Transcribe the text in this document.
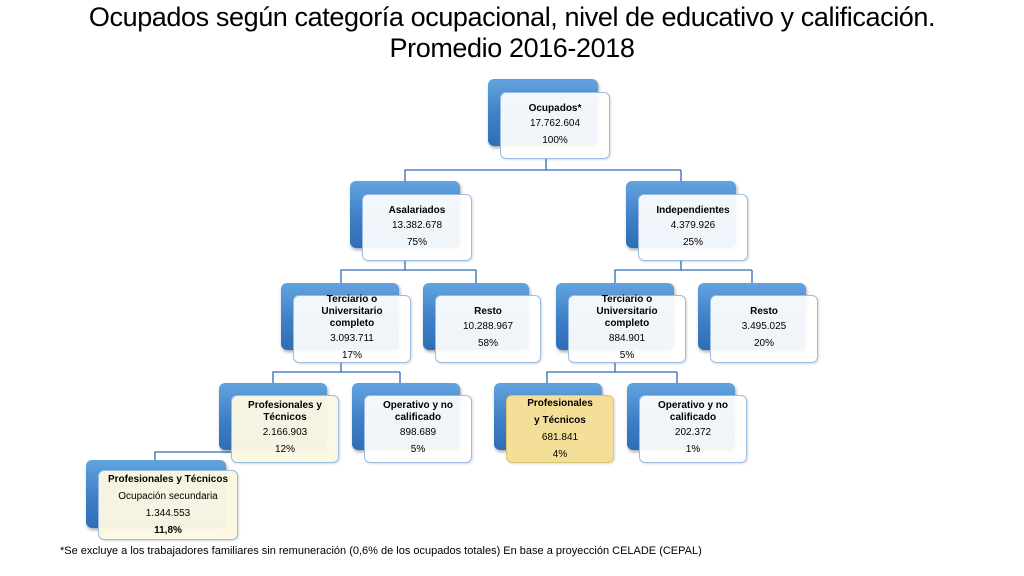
Ocupados según categoría ocupacional, nivel de educativo y calificación.
Promedio 2016-2018
Ocupados*
17.762.604
100%
Asalariados
13.382.678
75%
Independientes
4.379.926
25%
Terciario o Universitario completo
3.093.711
17%
Resto
10.288.967
58%
Terciario o Universitario completo
884.901
5%
Resto
3.495.025
20%
Profesionales y Técnicos
2.166.903
12%
Operativo y no calificado
898.689
5%
Profesionales y Técnicos
681.841
4%
Operativo y no calificado
202.372
1%
Profesionales y Técnicos
Ocupación secundaria
1.344.553
11,8%
*Se excluye a los trabajadores familiares sin remuneración (0,6% de los ocupados totales) En base a proyección CELADE (CEPAL)
